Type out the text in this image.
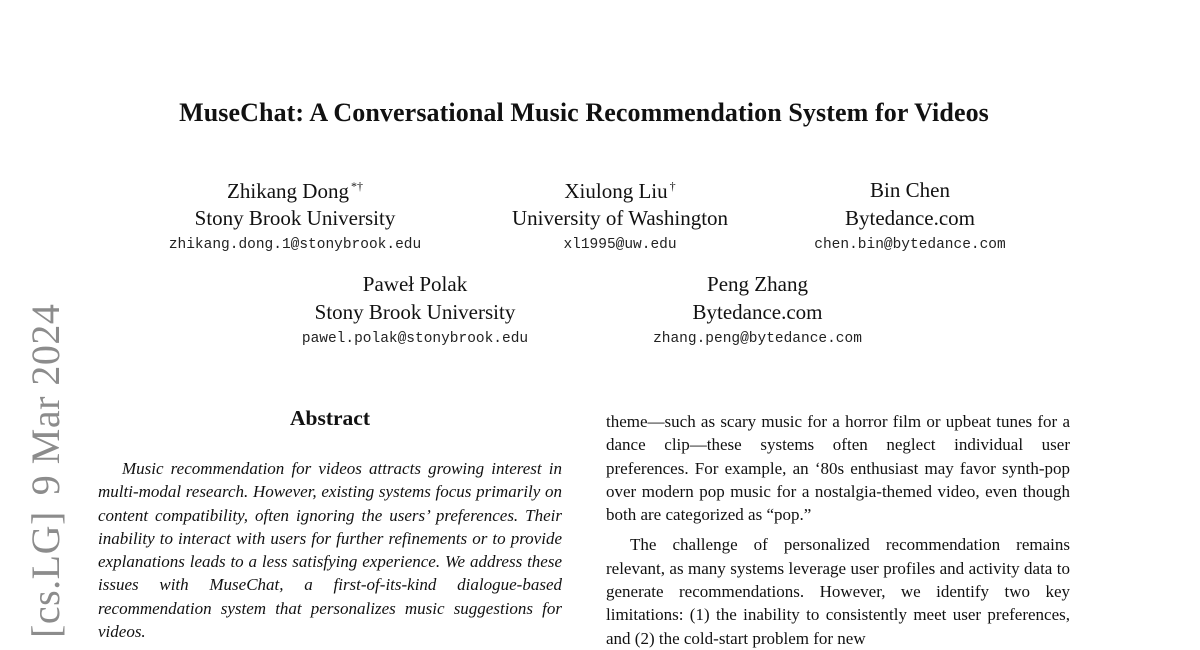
MuseChat: A Conversational Music Recommendation System for Videos
Zhikang Dong *†
Stony Brook University
zhikang.dong.1@stonybrook.edu
Xiulong Liu †
University of Washington
xl1995@uw.edu
Bin Chen
Bytedance.com
chen.bin@bytedance.com
Paweł Polak
Stony Brook University
pawel.polak@stonybrook.edu
Peng Zhang
Bytedance.com
zhang.peng@bytedance.com
[cs.LG]9 Mar 2024	Abstract

Music recommendation for videos attracts growing interest in multi-modal research. However, existing systems focus primarily on content compatibility, often ignoring the users’ preferences. Their inability to interact with users for further refinements or to provide explanations leads to a less satisfying experience. We address these issues with MuseChat, a first-of-its-kind dialogue-based recommendation system that personalizes music suggestions for videos.

theme—such as scary music for a horror film or upbeat tunes for a dance clip—these systems often neglect individual user preferences. For example, an ‘80s enthusiast may favor synth-pop over modern pop music for a nostalgia-themed video, even though both are categorized as “pop.”

The challenge of personalized recommendation remains relevant, as many systems leverage user profiles and activity data to generate recommendations. However, we identify two key limitations: (1) the inability to consistently meet user preferences, and (2) the cold-start problem for new
